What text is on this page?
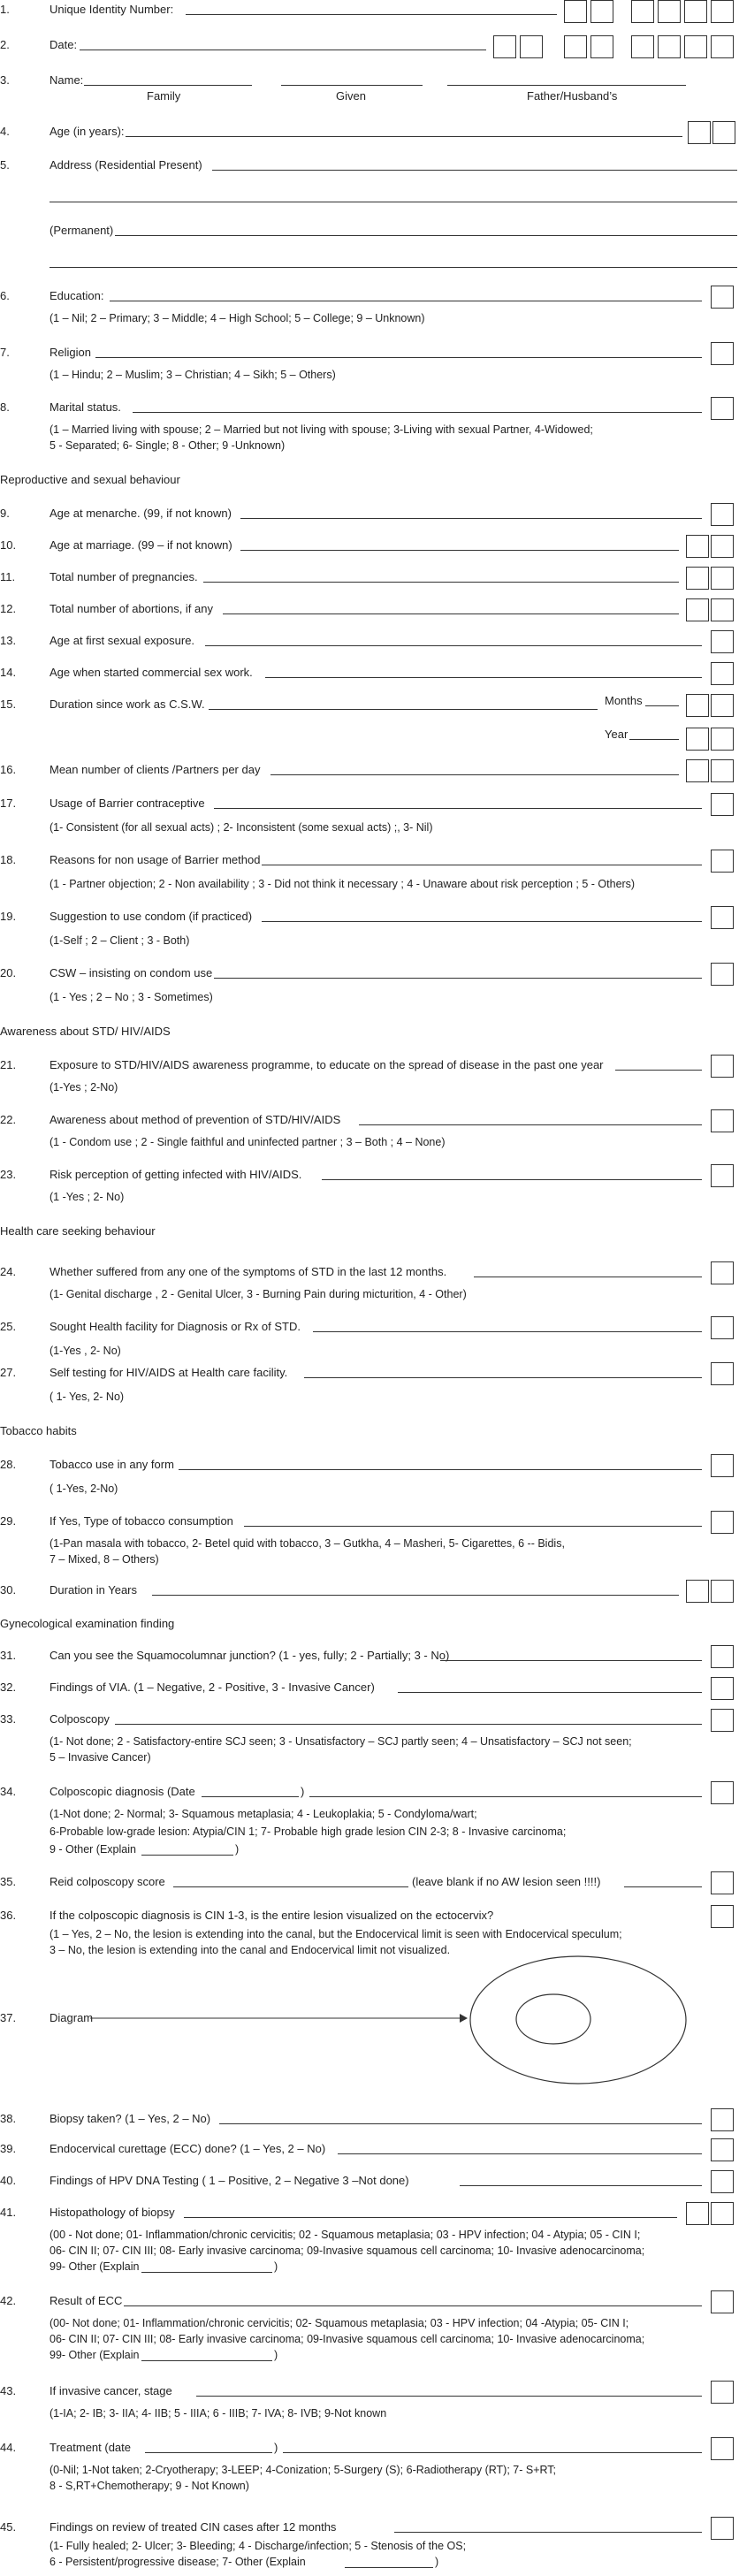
1.	Unique Identity Number:
2.	Date:
3.	Name:
Family	Given	Father/Husband’s
4.	Age (in years):
5.	Address (Residential Present)
(Permanent)
6.	Education:
(1 – Nil; 2 – Primary; 3 – Middle; 4 – High School; 5 – College; 9 – Unknown)
7.	Religion
(1 – Hindu; 2 – Muslim; 3 – Christian; 4 – Sikh; 5 – Others)
8.	Marital status.
(1 – Married living with spouse; 2 – Married but not living with spouse; 3-Living with sexual Partner, 4-Widowed;
5 - Separated; 6- Single; 8 - Other; 9 -Unknown)
Reproductive and sexual behaviour
9.	Age at menarche. (99, if not known)
10.	Age at marriage. (99 – if not known)
11.	Total number of pregnancies.
12.	Total number of abortions, if any
13.	Age at first sexual exposure.
14.	Age when started commercial sex work.
15.	Duration since work as C.S.W.	Months
Year
16.	Mean number of clients /Partners per day
17.	Usage of Barrier contraceptive
(1- Consistent (for all sexual acts) ; 2- Inconsistent (some sexual acts) ;, 3- Nil)
18.	Reasons for non usage of Barrier method
(1 - Partner objection; 2 - Non availability ; 3 - Did not think it necessary ; 4 - Unaware about risk perception ; 5 - Others)
19.	Suggestion to use condom (if practiced)
(1-Self ; 2 – Client ; 3 - Both)
20.	CSW – insisting on condom use
(1 - Yes ; 2 – No ; 3 - Sometimes)
Awareness about STD/ HIV/AIDS
21.	Exposure to STD/HIV/AIDS awareness programme, to educate on the spread of disease in the past one year
(1-Yes ; 2-No)
22.	Awareness about method of prevention of STD/HIV/AIDS
(1 - Condom use ; 2 - Single faithful and uninfected partner ; 3 – Both ; 4 – None)
23.	Risk perception of getting infected with HIV/AIDS.
(1 -Yes ; 2- No)
Health care seeking behaviour
24.	Whether suffered from any one of the symptoms of STD in the last 12 months.
(1- Genital discharge , 2 - Genital Ulcer, 3 - Burning Pain during micturition, 4 - Other)
25.	Sought Health facility for Diagnosis or Rx of STD.
(1-Yes , 2- No)
27.	Self testing for HIV/AIDS at Health care facility.
( 1- Yes, 2- No)
Tobacco habits
28.	Tobacco use in any form
( 1-Yes, 2-No)
29.	If Yes, Type of tobacco consumption
(1-Pan masala with tobacco, 2- Betel quid with tobacco, 3 – Gutkha, 4 – Masheri, 5- Cigarettes, 6 -- Bidis,
7 – Mixed, 8 – Others)
30.	Duration in Years
Gynecological examination finding
31.	Can you see the Squamocolumnar junction? (1 - yes, fully; 2 - Partially; 3 - No)
32.	Findings of VIA. (1 – Negative, 2 - Positive, 3 - Invasive Cancer)
33.	Colposcopy
(1- Not done; 2 - Satisfactory-entire SCJ seen; 3 - Unsatisfactory – SCJ partly seen; 4 – Unsatisfactory – SCJ not seen;
5 – Invasive Cancer)
34.	Colposcopic diagnosis (Date	)
(1-Not done; 2- Normal; 3- Squamous metaplasia; 4 - Leukoplakia; 5 - Condyloma/wart;
6-Probable low-grade lesion: Atypia/CIN 1; 7- Probable high grade lesion CIN 2-3; 8 - Invasive carcinoma;
9 - Other (Explain	)
35.	Reid colposcopy score	(leave blank if no AW lesion seen !!!!)
36.	If the colposcopic diagnosis is CIN 1-3, is the entire lesion visualized on the ectocervix?
(1 – Yes, 2 – No, the lesion is extending into the canal, but the Endocervical limit is seen with Endocervical speculum;
3 – No, the lesion is extending into the canal and Endocervical limit not visualized.
37.	Diagram
38.	Biopsy taken? (1 – Yes, 2 – No)
39.	Endocervical curettage (ECC) done? (1 – Yes, 2 – No)
40.	Findings of HPV DNA Testing ( 1 – Positive, 2 – Negative 3 –Not done)
41.	Histopathology of biopsy
(00 - Not done; 01- Inflammation/chronic cervicitis; 02 - Squamous metaplasia; 03 - HPV infection; 04 - Atypia; 05 - CIN I;
06- CIN II; 07- CIN III; 08- Early invasive carcinoma; 09-Invasive squamous cell carcinoma; 10- Invasive adenocarcinoma;
99- Other (Explain	)
42.	Result of ECC
(00- Not done; 01- Inflammation/chronic cervicitis; 02- Squamous metaplasia; 03 - HPV infection; 04 -Atypia; 05- CIN I;
06- CIN II; 07- CIN III; 08- Early invasive carcinoma; 09-Invasive squamous cell carcinoma; 10- Invasive adenocarcinoma;
99- Other (Explain	)
43.	If invasive cancer, stage
(1-IA; 2- IB; 3- IIA; 4- IIB; 5 - IIIA; 6 - IIIB; 7- IVA; 8- IVB; 9-Not known
44.	Treatment (date	)
(0-Nil; 1-Not taken; 2-Cryotherapy; 3-LEEP; 4-Conization; 5-Surgery (S); 6-Radiotherapy (RT); 7- S+RT;
8 - S,RT+Chemotherapy; 9 - Not Known)
45.	Findings on review of treated CIN cases after 12 months
(1- Fully healed; 2- Ulcer; 3- Bleeding; 4 - Discharge/infection; 5 - Stenosis of the OS;
6 - Persistent/progressive disease; 7- Other (Explain	)
